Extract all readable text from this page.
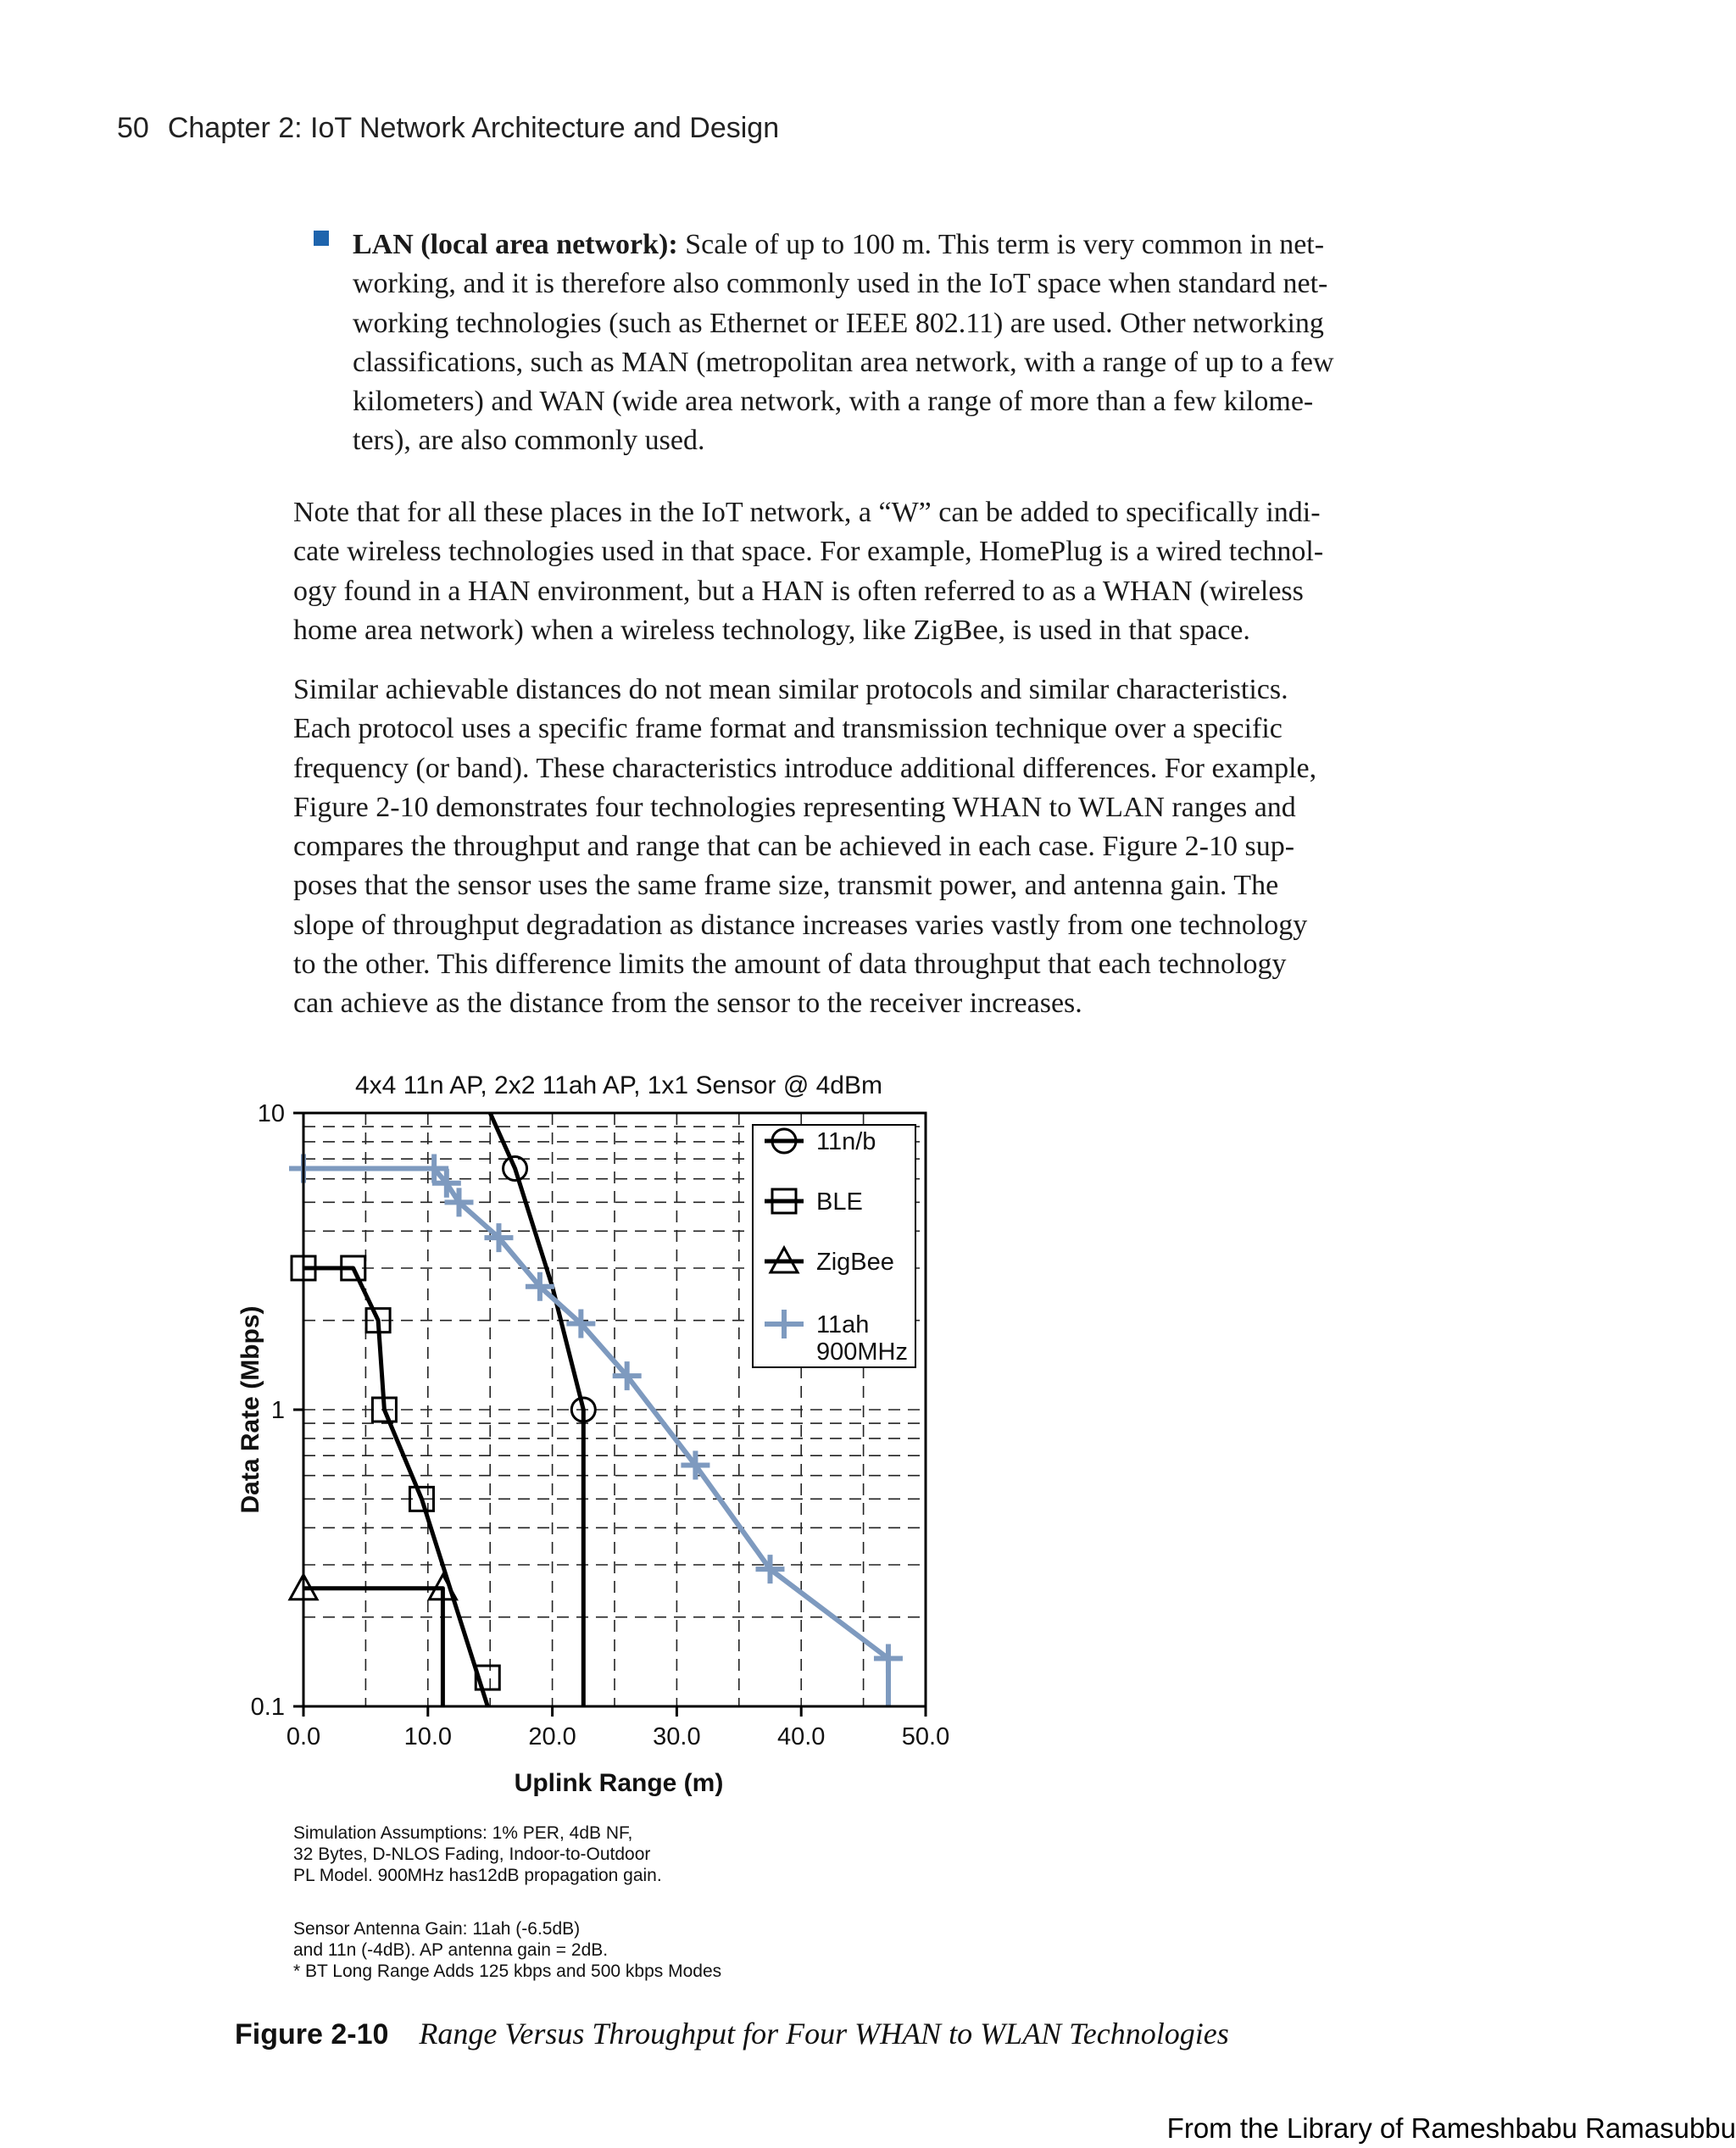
50 Chapter 2: IoT Network Architecture and Design
LAN (local area network): Scale of up to 100 m. This term is very common in net-
working, and it is therefore also commonly used in the IoT space when standard net-
working technologies (such as Ethernet or IEEE 802.11) are used. Other networking
classifications, such as MAN (metropolitan area network, with a range of up to a few
kilometers) and WAN (wide area network, with a range of more than a few kilome-
ters), are also commonly used.
Note that for all these places in the IoT network, a “W” can be added to specifically indi-
cate wireless technologies used in that space. For example, HomePlug is a wired technol-
ogy found in a HAN environment, but a HAN is often referred to as a WHAN (wireless
home area network) when a wireless technology, like ZigBee, is used in that space.
Similar achievable distances do not mean similar protocols and similar characteristics.
Each protocol uses a specific frame format and transmission technique over a specific
frequency (or band). These characteristics introduce additional differences. For example,
Figure 2-10 demonstrates four technologies representing WHAN to WLAN ranges and
compares the throughput and range that can be achieved in each case. Figure 2-10 sup-
poses that the sensor uses the same frame size, transmit power, and antenna gain. The
slope of throughput degradation as distance increases varies vastly from one technology
to the other. This difference limits the amount of data throughput that each technology
can achieve as the distance from the sensor to the receiver increases.
4x4 11n AP, 2x2 11ah AP, 1x1 Sensor @ 4dBm
0.0	10.0	20.0	30.0	40.0	50.0
0.1
1
10
Uplink Range (m)
Data Rate (Mbps)
11n/b
BLE
ZigBee
11ah
900MHz
Simulation Assumptions: 1% PER, 4dB NF,
32 Bytes, D-NLOS Fading, Indoor-to-Outdoor
PL Model. 900MHz has12dB propagation gain.
Sensor Antenna Gain: 11ah (-6.5dB)
and 11n (-4dB). AP antenna gain = 2dB.
* BT Long Range Adds 125 kbps and 500 kbps Modes
Figure 2-10 Range Versus Throughput for Four WHAN to WLAN Technologies
From the Library of Rameshbabu Ramasubbu
